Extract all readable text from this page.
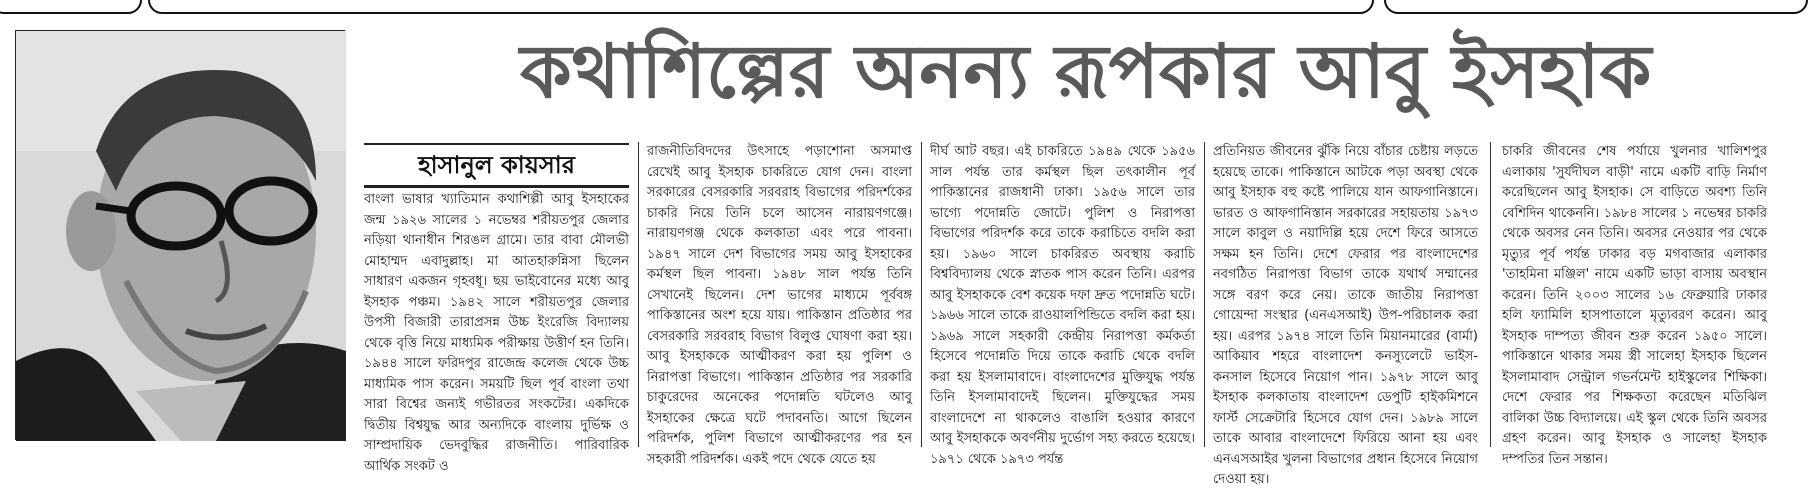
কথাশিল্পের অনন্য রূপকার আবু ইসহাক
হাসানুল কায়সার

বাংলা ভাষার খ্যাতিমান কথাশিল্পী আবু ইসহাকের জন্ম ১৯২৬ সালের ১ নভেম্বর শরীয়তপুর জেলার নড়িয়া থানাধীন শিরঙল গ্রামে। তার বাবা মৌলভী মোহাম্মদ এবাদুল্লাহ। মা আতহারুন্নিসা ছিলেন সাধারণ একজন গৃহবধূ। ছয় ভাইবোনের মধ্যে আবু ইসহাক পঞ্চম। ১৯৪২ সালে শরীয়তপুর জেলার উপসী বিজারী তারাপ্রসন্ন উচ্চ ইংরেজি বিদ্যালয় থেকে বৃত্তি নিয়ে মাধ্যমিক পরীক্ষায় উত্তীর্ণ হন তিনি। ১৯৪৪ সালে ফরিদপুর রাজেন্দ্র কলেজ থেকে উচ্চ মাধ্যমিক পাস করেন। সময়টি ছিল পূর্ব বাংলা তথা সারা বিশ্বের জন্যই গভীরতর সংকটের। একদিকে দ্বিতীয় বিশ্বযুদ্ধ আর অন্যদিকে বাংলায় দুর্ভিক্ষ ও সাম্প্রদায়িক ভেদবুদ্ধির রাজনীতি। পারিবারিক আর্থিক সংকট ও

রাজনীতিবিদদের উৎসাহে পড়াশোনা অসমাপ্ত রেখেই আবু ইসহাক চাকরিতে যোগ দেন। বাংলা সরকারের বেসরকারি সরবরাহ বিভাগের পরিদর্শকের চাকরি নিয়ে তিনি চলে আসেন নারায়ণগঞ্জে। নারায়ণগঞ্জ থেকে কলকাতা এবং পরে পাবনা। ১৯৪৭ সালে দেশ বিভাগের সময় আবু ইসহাকের কর্মস্থল ছিল পাবনা। ১৯৪৮ সাল পর্যন্ত তিনি সেখানেই ছিলেন। দেশ ভাগের মাধ্যমে পূর্ববঙ্গ পাকিস্তানের অংশ হয়ে যায়। পাকিস্তান প্রতিষ্ঠার পর বেসরকারি সরবরাহ বিভাগ বিলুপ্ত ঘোষণা করা হয়। আবু ইসহাককে আত্মীকরণ করা হয় পুলিশ ও নিরাপত্তা বিভাগে। পাকিস্তান প্রতিষ্ঠার পর সরকারি চাকুরেদের অনেকের পদোন্নতি ঘটলেও আবু ইসহাকের ক্ষেত্রে ঘটে পদাবনতি। আগে ছিলেন পরিদর্শক, পুলিশ বিভাগে আত্মীকরণের পর হন সহকারী পরিদর্শক। একই পদে থেকে যেতে হয়

দীর্ঘ আট বছর। এই চাকরিতে ১৯৪৯ থেকে ১৯৫৬ সাল পর্যন্ত তার কর্মস্থল ছিল তৎকালীন পূর্ব পাকিস্তানের রাজধানী ঢাকা। ১৯৫৬ সালে তার ভাগ্যে পদোন্নতি জোটে। পুলিশ ও নিরাপত্তা বিভাগের পরিদর্শক করে তাকে করাচিতে বদলি করা হয়। ১৯৬০ সালে চাকরিরত অবস্থায় করাচি বিশ্ববিদ্যালয় থেকে স্নাতক পাস করেন তিনি। এরপর আবু ইসহাককে বেশ কয়েক দফা দ্রুত পদোন্নতি ঘটে। ১৯৬৬ সালে তাকে রাওয়ালপিন্ডিতে বদলি করা হয়। ১৯৬৯ সালে সহকারী কেন্দ্রীয় নিরাপত্তা কর্মকর্তা হিসেবে পদোন্নতি দিয়ে তাকে করাচি থেকে বদলি করা হয় ইসলামাবাদে। বাংলাদেশের মুক্তিযুদ্ধ পর্যন্ত তিনি ইসলামাবাদেই ছিলেন। মুক্তিযুদ্ধের সময় বাংলাদেশে না থাকলেও বাঙালি হওয়ার কারণে আবু ইসহাককে অবর্ণনীয় দুর্ভোগ সহ্য করতে হয়েছে। ১৯৭১ থেকে ১৯৭৩ পর্যন্ত

প্রতিনিয়ত জীবনের ঝুঁকি নিয়ে বাঁচার চেষ্টায় লড়তে হয়েছে তাকে। পাকিস্তানে আটকে পড়া অবস্থা থেকে আবু ইসহাক বহু কষ্টে পালিয়ে যান আফগানিস্তানে। ভারত ও আফগানিস্তান সরকারের সহায়তায় ১৯৭৩ সালে কাবুল ও নয়াদিল্লি হয়ে দেশে ফিরে আসতে সক্ষম হন তিনি। দেশে ফেরার পর বাংলাদেশের নবগঠিত নিরাপত্তা বিভাগ তাকে যথার্থ সম্মানের সঙ্গে বরণ করে নেয়। তাকে জাতীয় নিরাপত্তা গোয়েন্দা সংস্থার (এনএসআই) উপ-পরিচালক করা হয়। এরপর ১৯৭৪ সালে তিনি মিয়ানমারের (বার্মা) আকিয়াব শহরে বাংলাদেশ কনস্যুলেটে ভাইস-কনসাল হিসেবে নিয়োগ পান। ১৯৭৮ সালে আবু ইসহাক কলকাতায় বাংলাদেশ ডেপুটি হাইকমিশনে ফার্স্ট সেক্রেটারি হিসেবে যোগ দেন। ১৯৮৯ সালে তাকে আবার বাংলাদেশে ফিরিয়ে আনা হয় এবং এনএসআইর খুলনা বিভাগের প্রধান হিসেবে নিয়োগ দেওয়া হয়।

চাকরি জীবনের শেষ পর্যায়ে খুলনার খালিশপুর এলাকায় 'সুর্যদীঘল বাড়ী' নামে একটি বাড়ি নির্মাণ করেছিলেন আবু ইসহাক। সে বাড়িতে অবশ্য তিনি বেশিদিন থাকেননি। ১৯৮৪ সালের ১ নভেম্বর চাকরি থেকে অবসর নেন তিনি। অবসর নেওয়ার পর থেকে মৃত্যুর পূর্ব পর্যন্ত ঢাকার বড় মগবাজার এলাকার 'তাহমিনা মঞ্জিল' নামে একটি ভাড়া বাসায় অবস্থান করেন। তিনি ২০০৩ সালের ১৬ ফেব্রুয়ারি ঢাকার হলি ফ্যামিলি হাসপাতালে মৃত্যুবরণ করেন। আবু ইসহাক দাম্পত্য জীবন শুরু করেন ১৯৫০ সালে। পাকিস্তানে থাকার সময় স্ত্রী সালেহা ইসহাক ছিলেন ইসলামাবাদ সেন্ট্রাল গভর্নমেন্ট হাইস্কুলের শিক্ষিকা। দেশে ফেরার পর শিক্ষকতা করেছেন মতিঝিল বালিকা উচ্চ বিদ্যালয়ে। এই স্কুল থেকে তিনি অবসর গ্রহণ করেন। আবু ইসহাক ও সালেহা ইসহাক দম্পতির তিন সন্তান।
